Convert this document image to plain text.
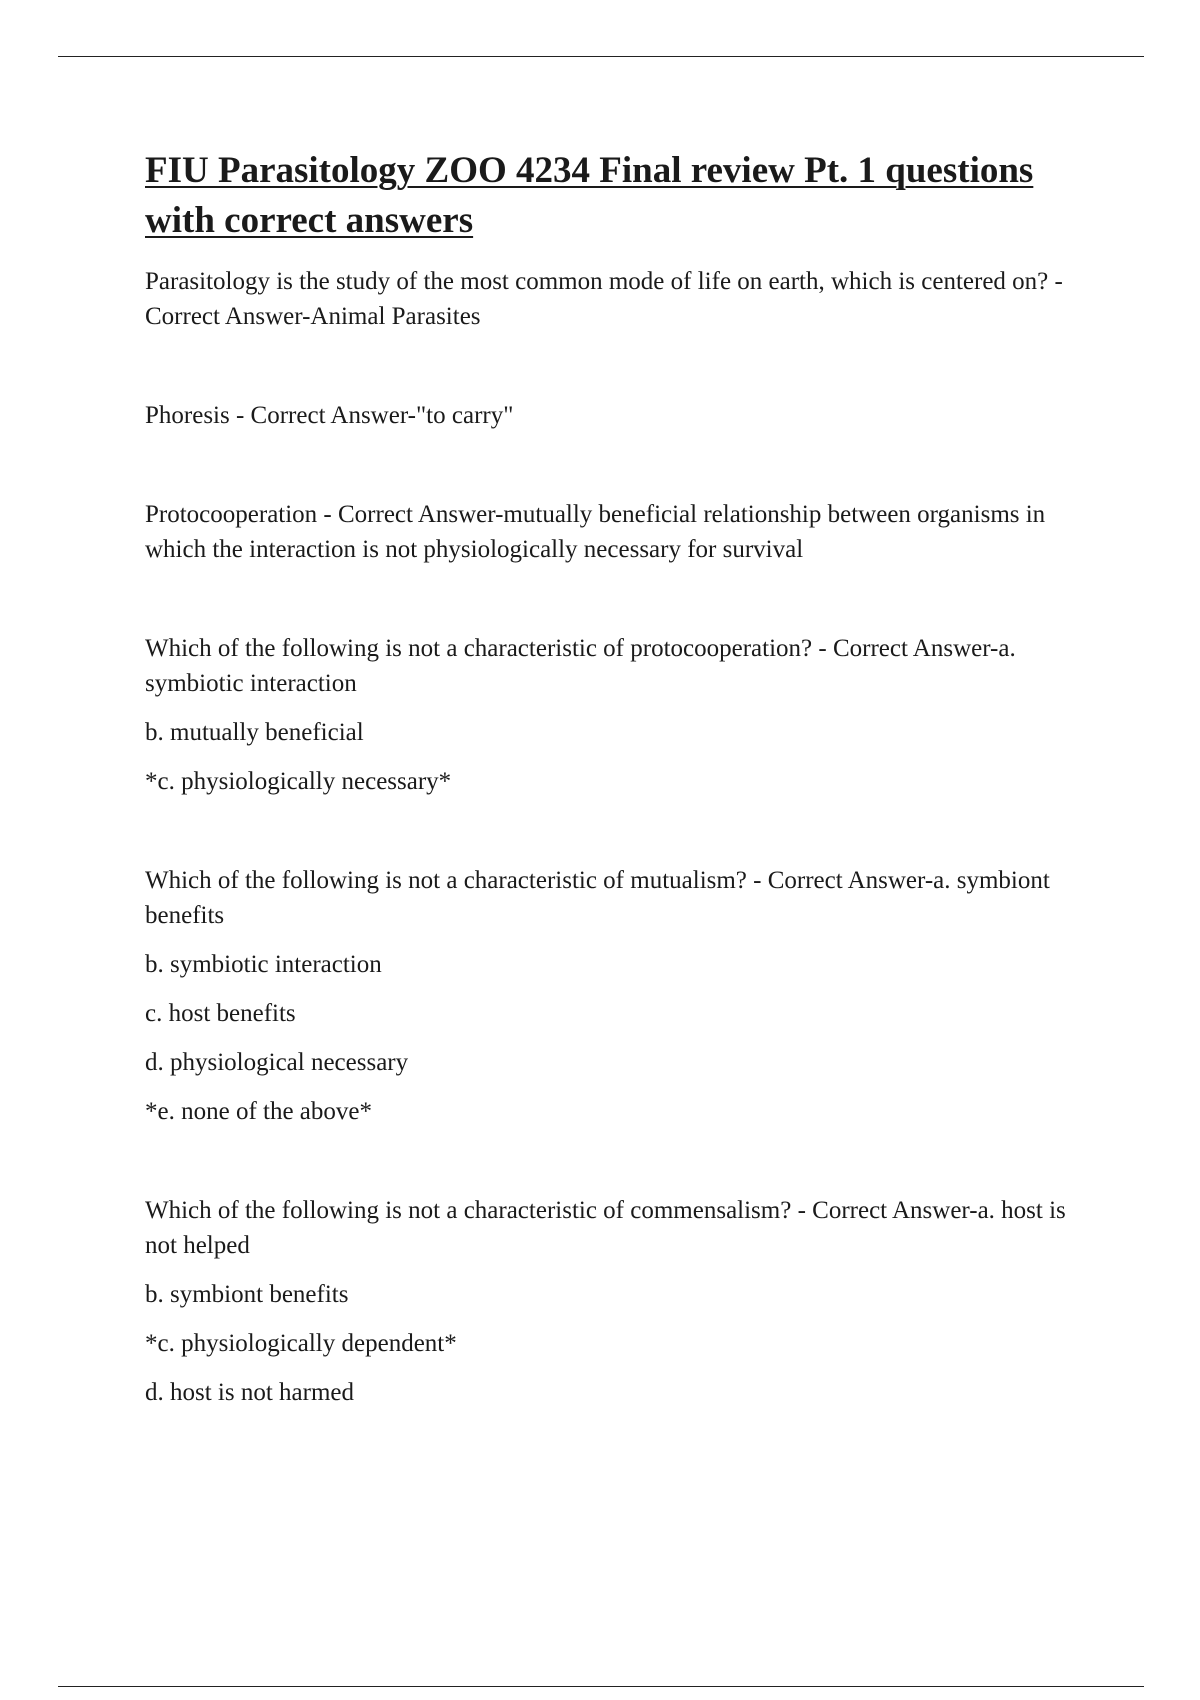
FIU Parasitology ZOO 4234 Final review Pt. 1 questions with correct answers

Parasitology is the study of the most common mode of life on earth, which is centered on? - Correct Answer-Animal Parasites

Phoresis - Correct Answer-"to carry"

Protocooperation - Correct Answer-mutually beneficial relationship between organisms in which the interaction is not physiologically necessary for survival

Which of the following is not a characteristic of protocooperation? - Correct Answer-a. symbiotic interaction

b. mutually beneficial

*c. physiologically necessary*

Which of the following is not a characteristic of mutualism? - Correct Answer-a. symbiont benefits

b. symbiotic interaction

c. host benefits

d. physiological necessary

*e. none of the above*

Which of the following is not a characteristic of commensalism? - Correct Answer-a. host is not helped

b. symbiont benefits

*c. physiologically dependent*

d. host is not harmed
